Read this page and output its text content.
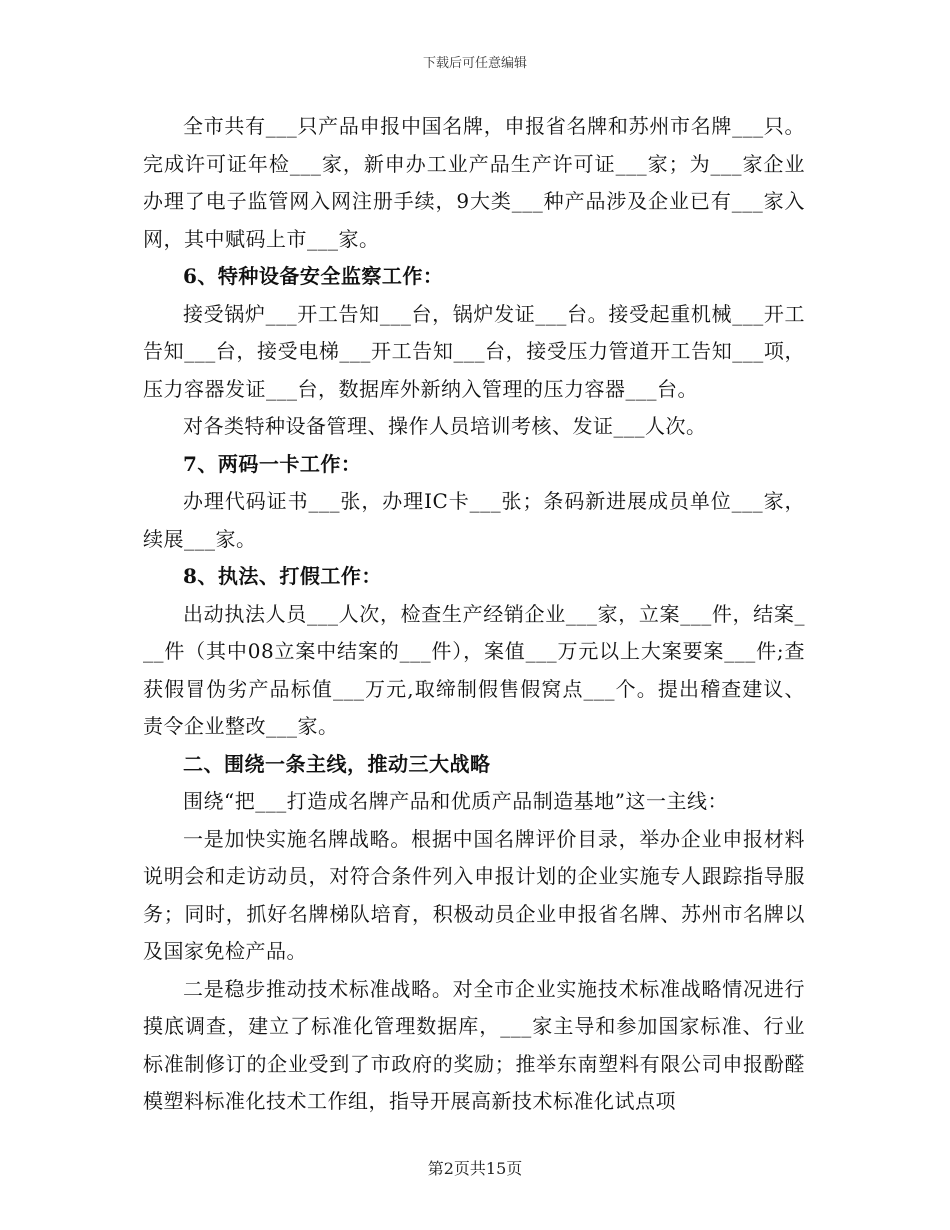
下载后可任意编辑

全市共有___只产品申报中国名牌，申报省名牌和苏州市名牌___只。完成许可证年检___家，新申办工业产品生产许可证___家；为___家企业办理了电子监管网入网注册手续，9大类___种产品涉及企业已有___家入网，其中赋码上市___家。

6、特种设备安全监察工作：

接受锅炉___开工告知___台，锅炉发证___台。接受起重机械___开工告知___台，接受电梯___开工告知___台，接受压力管道开工告知___项，压力容器发证___台，数据库外新纳入管理的压力容器___台。

对各类特种设备管理、操作人员培训考核、发证___人次。

7、两码一卡工作：

办理代码证书___张，办理IC卡___张；条码新进展成员单位___家，续展___家。

8、执法、打假工作：

出动执法人员___人次，检查生产经销企业___家，立案___件，结案___件（其中08立案中结案的___件），案值___万元以上大案要案___件;查获假冒伪劣产品标值___万元,取缔制假售假窝点___个。提出稽查建议、责令企业整改___家。

二、围绕一条主线，推动三大战略

围绕“把___打造成名牌产品和优质产品制造基地”这一主线：

一是加快实施名牌战略。根据中国名牌评价目录，举办企业申报材料说明会和走访动员，对符合条件列入申报计划的企业实施专人跟踪指导服务；同时，抓好名牌梯队培育，积极动员企业申报省名牌、苏州市名牌以及国家免检产品。

二是稳步推动技术标准战略。对全市企业实施技术标准战略情况进行摸底调查，建立了标准化管理数据库，___家主导和参加国家标准、行业标准制修订的企业受到了市政府的奖励；推举东南塑料有限公司申报酚醛模塑料标准化技术工作组，指导开展高新技术标准化试点项

第2页共15页
